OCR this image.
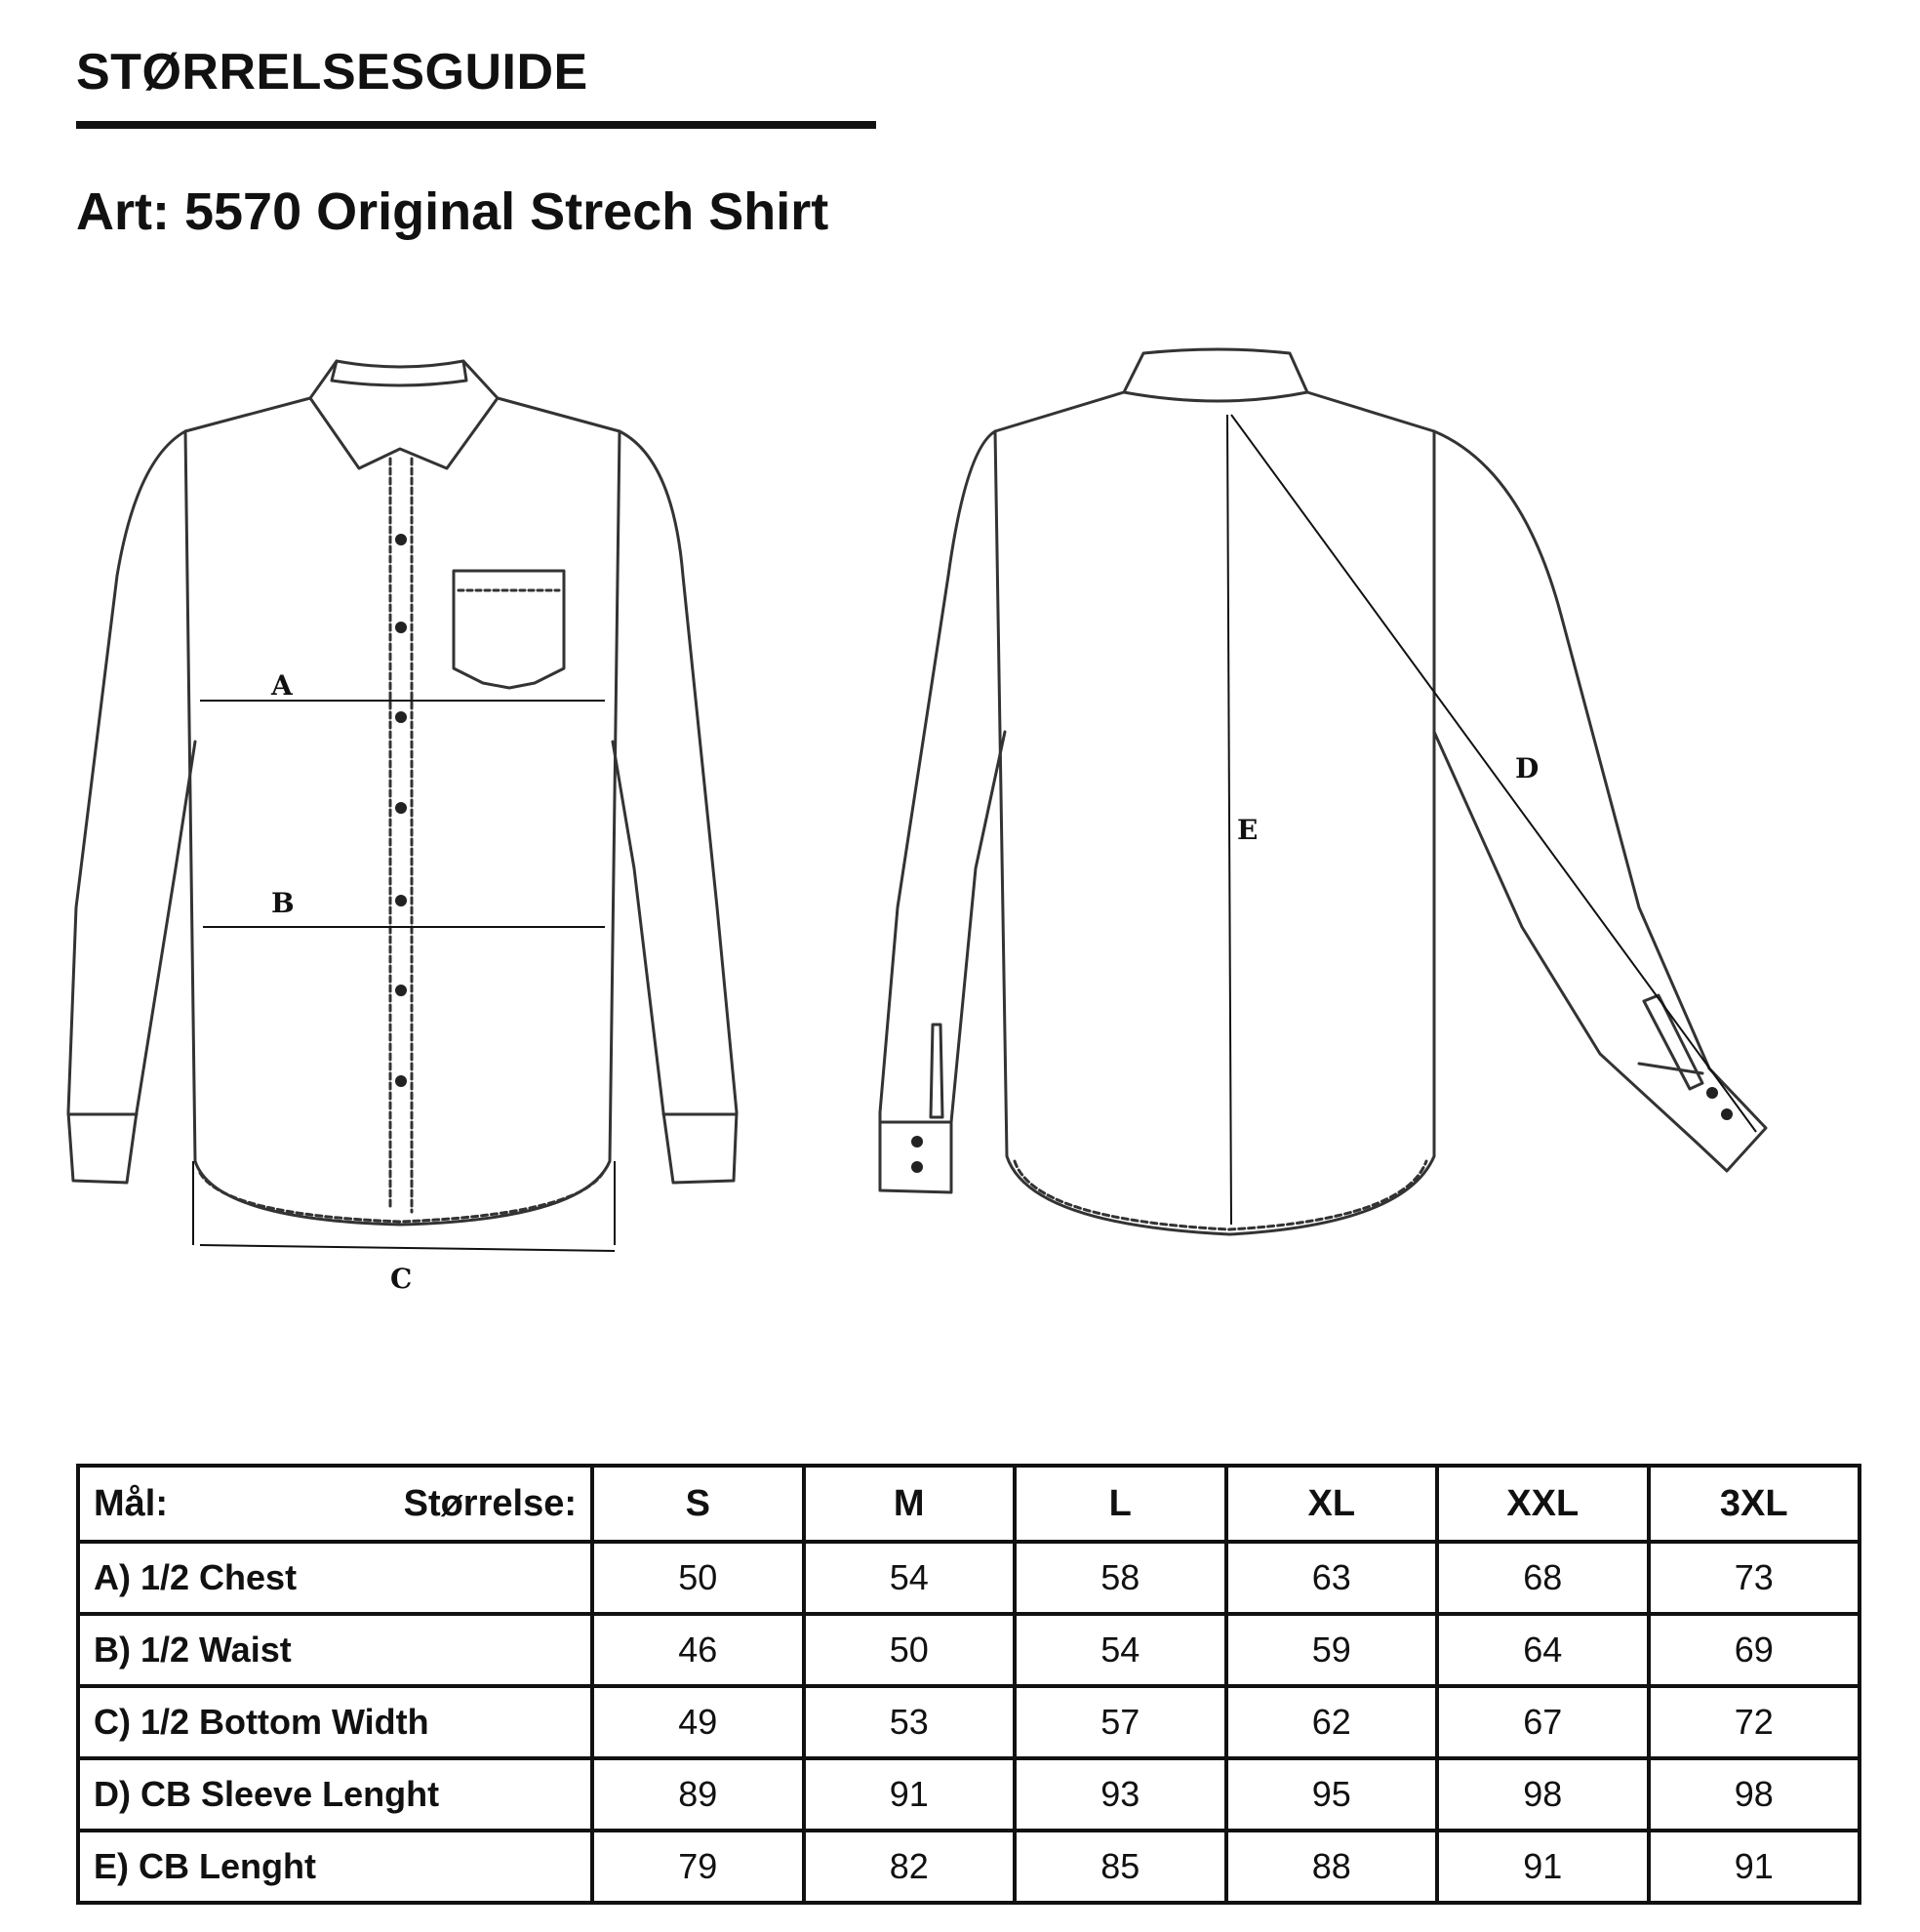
STØRRELSESGUIDE
Art: 5570 Original Strech Shirt
A
B
C
D
E
Mål: Størrelse:	S	M	L	XL	XXL	3XL
A) 1/2 Chest	50	54	58	63	68	73
B) 1/2 Waist	46	50	54	59	64	69
C) 1/2 Bottom Width	49	53	57	62	67	72
D) CB Sleeve Lenght	89	91	93	95	98	98
E) CB Lenght	79	82	85	88	91	91
